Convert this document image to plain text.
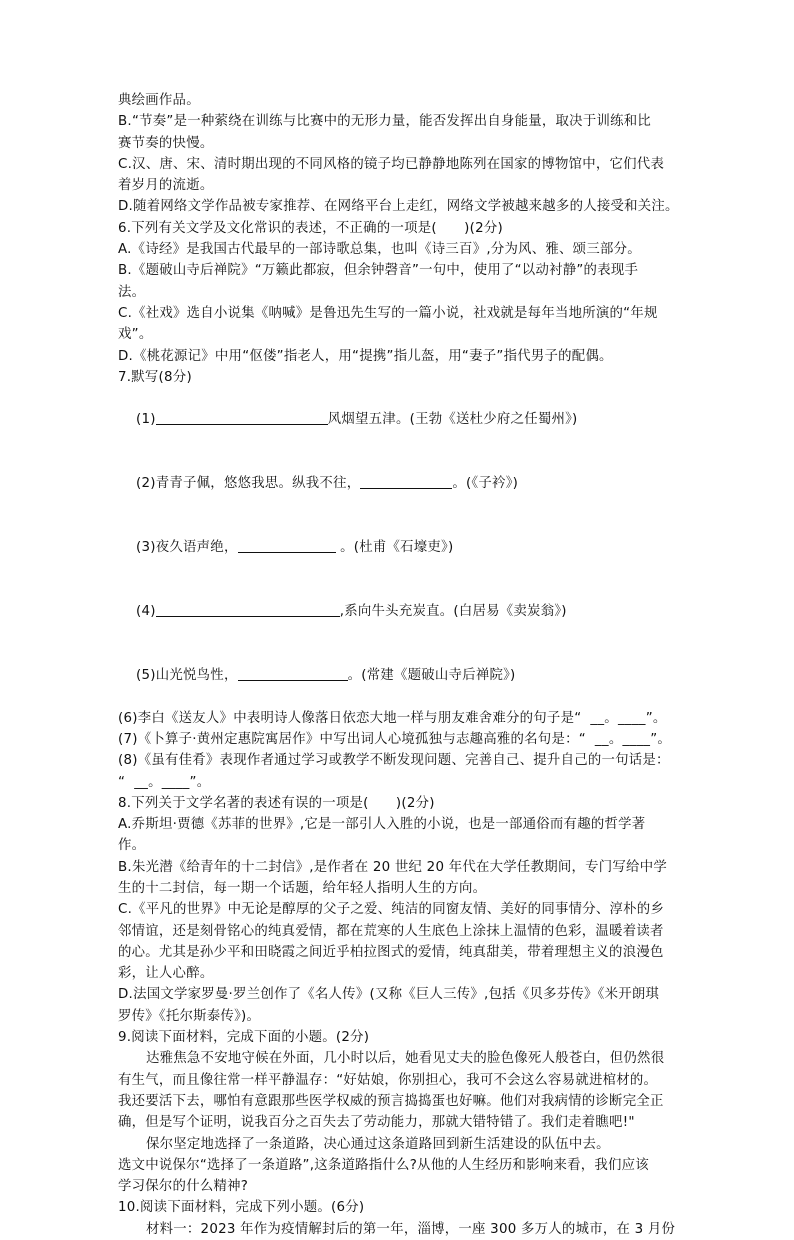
典绘画作品。
B.“节奏”是一种萦绕在训练与比赛中的无形力量，能否发挥出自身能量，取决于训练和比
赛节奏的快慢。
C.汉、唐、宋、清时期出现的不同风格的镜子均已静静地陈列在国家的博物馆中，它们代表
着岁月的流逝。
D.随着网络文学作品被专家推荐、在网络平台上走红，网络文学被越来越多的人接受和关注。
6.下列有关文学及文化常识的表述，不正确的一项是(　　)(2分)
A.《诗经》是我国古代最早的一部诗歌总集，也叫《诗三百》,分为风、雅、颂三部分。
B.《题破山寺后禅院》“万籁此都寂，但余钟磬音”一句中，使用了“以动衬静”的表现手
法。
C.《社戏》选自小说集《呐喊》是鲁迅先生写的一篇小说，社戏就是每年当地所演的“年规
戏”。
D.《桃花源记》中用“伛偻”指老人，用“提携”指儿盔，用“妻子”指代男子的配偶。
7.默写(8分)

(1)	风烟望五津。(王勃《送杜少府之任蜀州》)

(2)青青子佩，悠悠我思。纵我不往，	。(《子衿》)

(3)夜久语声绝，	。(杜甫《石壕吏》)

(4)	,系向牛头充炭直。(白居易《卖炭翁》)

(5)山光悦鸟性，	。(常建《题破山寺后禅院》)

(6)李白《送友人》中表明诗人像落日依恋大地一样与朋友难舍难分的句子是“  __。____”。
(7)《卜算子·黄州定惠院寓居作》中写出词人心境孤独与志趣高雅的名句是：“  __。____”。
(8)《虽有佳肴》表现作者通过学习或教学不断发现问题、完善自己、提升自己的一句话是：
“  __。____”。
8.下列关于文学名著的表述有误的一项是(　　)(2分)
A.乔斯坦·贾德《苏菲的世界》,它是一部引人入胜的小说，也是一部通俗而有趣的哲学著
作。
B.朱光潜《给青年的十二封信》,是作者在 20 世纪 20 年代在大学任教期间，专门写给中学
生的十二封信，每一期一个话题，给年轻人指明人生的方向。
C.《平凡的世界》中无论是醇厚的父子之爱、纯洁的同窗友情、美好的同事情分、淳朴的乡
邻情谊，还是刻骨铭心的纯真爱情，都在荒寒的人生底色上涂抹上温情的色彩，温暖着读者
的心。尤其是孙少平和田晓霞之间近乎柏拉图式的爱情，纯真甜美，带着理想主义的浪漫色
彩，让人心醉。
D.法国文学家罗曼·罗兰创作了《名人传》(又称《巨人三传》,包括《贝多芬传》《米开朗琪
罗传》《托尔斯泰传》)。
9.阅读下面材料，完成下面的小题。(2分)
达雅焦急不安地守候在外面，几小时以后，她看见丈夫的脸色像死人般苍白，但仍然很
有生气，而且像往常一样平静温存：“好姑娘，你别担心，我可不会这么容易就进棺材的。
我还要活下去，哪怕有意跟那些医学权威的预言捣捣蛋也好嘛。他们对我病情的诊断完全正
确，但是写个证明，说我百分之百失去了劳动能力，那就大错特错了。我们走着瞧吧!"
保尔坚定地选择了一条道路，决心通过这条道路回到新生活建设的队伍中去。
选文中说保尔“选择了一条道路”,这条道路指什么?从他的人生经历和影响来看，我们应该
学习保尔的什么精神?
10.阅读下面材料，完成下列小题。(6分)
材料一：2023 年作为疫情解封后的第一年，淄博，一座 300 多万人的城市，在 3 月份
